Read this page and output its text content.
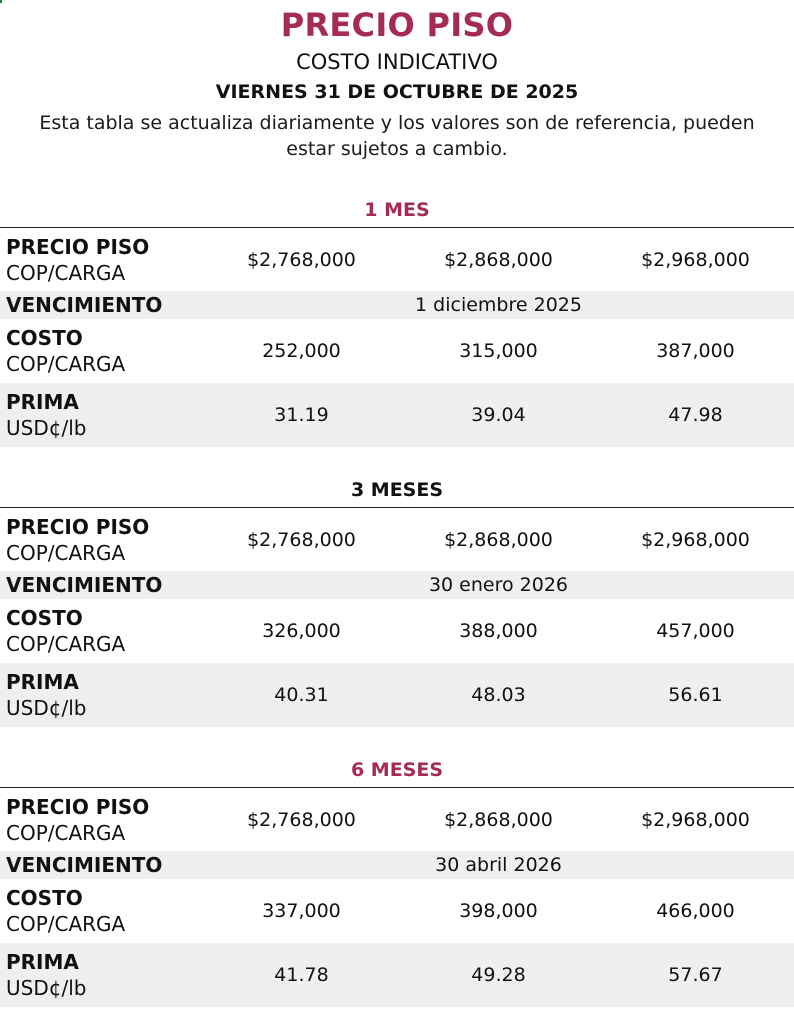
PRECIO PISO
COSTO INDICATIVO
VIERNES 31 DE OCTUBRE DE 2025
Esta tabla se actualiza diariamente y los valores son de referencia, pueden estar sujetos a cambio.
1 MES
PRECIO PISO
COP/CARGA
$2,768,000	$2,868,000	$2,968,000
VENCIMIENTO	1 diciembre 2025
COSTO
COP/CARGA
252,000	315,000	387,000
PRIMA
USD¢/lb
31.19	39.04	47.98
3 MESES
PRECIO PISO
COP/CARGA
$2,768,000	$2,868,000	$2,968,000
VENCIMIENTO	30 enero 2026
COSTO
COP/CARGA
326,000	388,000	457,000
PRIMA
USD¢/lb
40.31	48.03	56.61
6 MESES
PRECIO PISO
COP/CARGA
$2,768,000	$2,868,000	$2,968,000
VENCIMIENTO	30 abril 2026
COSTO
COP/CARGA
337,000	398,000	466,000
PRIMA
USD¢/lb
41.78	49.28	57.67
